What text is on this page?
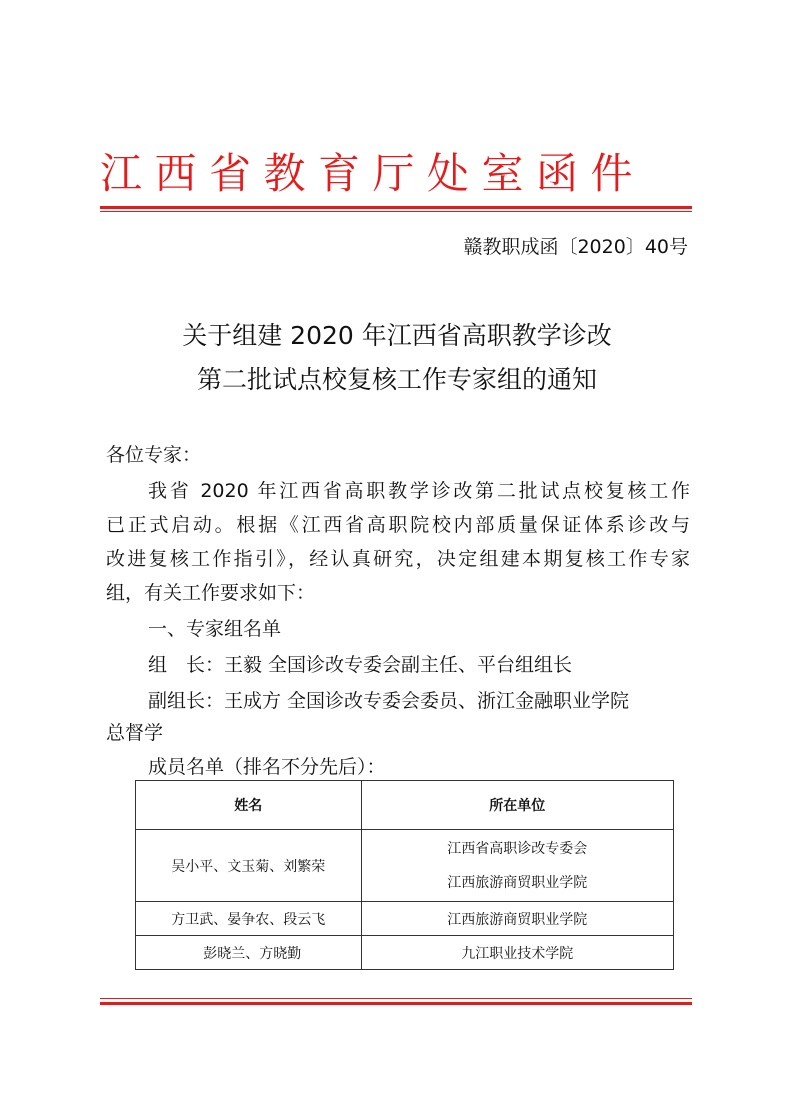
江西省教育厅处室函件
赣教职成函〔2020〕40号
关于组建 2020 年江西省高职教学诊改
第二批试点校复核工作专家组的通知
各位专家：
我省 2020 年江西省高职教学诊改第二批试点校复核工作
已正式启动。根据《江西省高职院校内部质量保证体系诊改与
改进复核工作指引》，经认真研究，决定组建本期复核工作专家
组，有关工作要求如下：
一、专家组名单
组　长：王毅 全国诊改专委会副主任、平台组组长
副组长：王成方 全国诊改专委会委员、浙江金融职业学院
总督学
成员名单（排名不分先后）：
姓名	所在单位
吴小平、文玉菊、刘繁荣	江西省高职诊改专委会
江西旅游商贸职业学院

方卫武、晏争农、段云飞	江西旅游商贸职业学院
彭晓兰、方晓勤	九江职业技术学院
